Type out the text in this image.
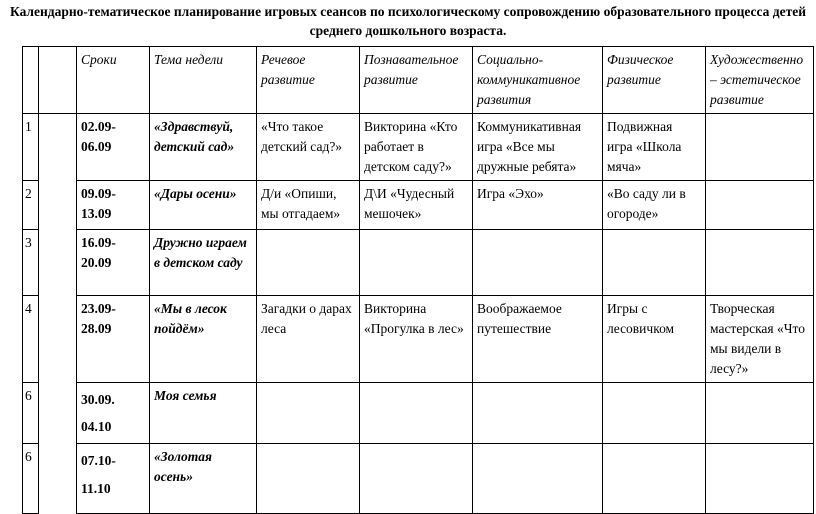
Календарно-тематическое планирование игровых сеансов по психологическому сопровождению образовательного процесса детей
среднего дошкольного возраста.
		Сроки	Тема недели	Речевое развитие	Познавательное развитие	Социально-коммуникативное развития	Физическое развитие	Художественно – эстетическое развитие
1		02.09-06.09	«Здравствуй, детский сад»	«Что такое детский сад?»	Викторина «Кто работает в детском саду?»	Коммуникативная игра «Все мы дружные ребята»	Подвижная игра «Школа мяча»	
2		09.09-13.09	«Дары осени»	Д/и «Опиши, мы отгадаем»	Д\И «Чудесный мешочек»	Игра «Эхо»	«Во саду ли в огороде»	
3		16.09-20.09	Дружно играем в детском саду					
4		23.09-28.09	«Мы в лесок пойдём»	Загадки о дарах леса	Викторина «Прогулка в лес»	Воображаемое путешествие	Игры с лесовичком	Творческая мастерская «Что мы видели в лесу?»
6		30.09. 04.10	Моя семья					
6		07.10-11.10	«Золотая осень»					
